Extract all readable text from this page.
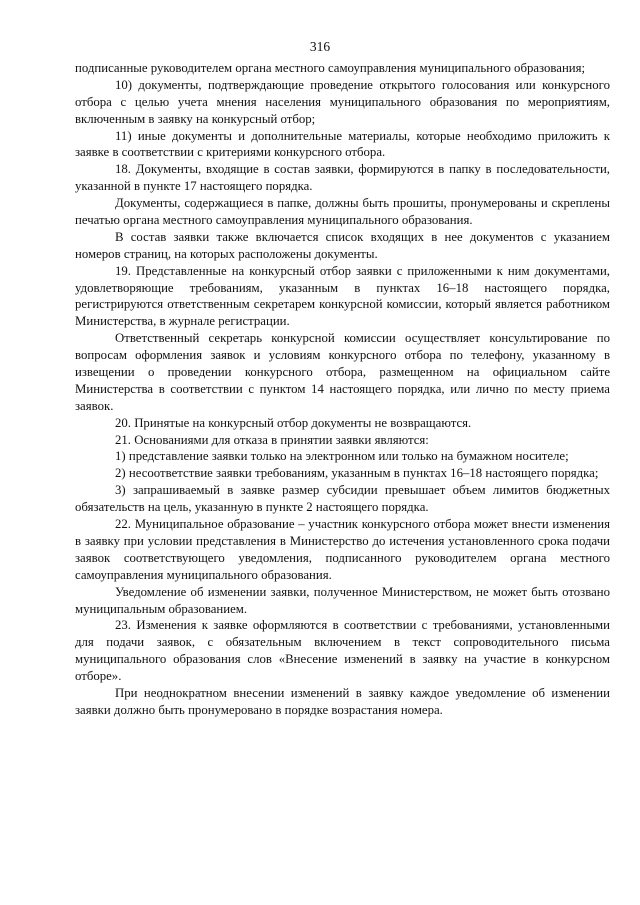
316

подписанные руководителем органа местного самоуправления муниципального образования;

10) документы, подтверждающие проведение открытого голосования или конкурсного отбора с целью учета мнения населения муниципального образования по мероприятиям, включенным в заявку на конкурсный отбор;

11) иные документы и дополнительные материалы, которые необходимо приложить к заявке в соответствии с критериями конкурсного отбора.

18. Документы, входящие в состав заявки, формируются в папку в последовательности, указанной в пункте 17 настоящего порядка.

Документы, содержащиеся в папке, должны быть прошиты, пронумерованы и скреплены печатью органа местного самоуправления муниципального образования.

В состав заявки также включается список входящих в нее документов с указанием номеров страниц, на которых расположены документы.

19. Представленные на конкурсный отбор заявки с приложенными к ним документами, удовлетворяющие требованиям, указанным в пунктах 16–18 настоящего порядка, регистрируются ответственным секретарем конкурсной комиссии, который является работником Министерства, в журнале регистрации.

Ответственный секретарь конкурсной комиссии осуществляет консультирование по вопросам оформления заявок и условиям конкурсного отбора по телефону, указанному в извещении о проведении конкурсного отбора, размещенном на официальном сайте Министерства в соответствии с пунктом 14 настоящего порядка, или лично по месту приема заявок.

20. Принятые на конкурсный отбор документы не возвращаются.

21. Основаниями для отказа в принятии заявки являются:

1) представление заявки только на электронном или только на бумажном носителе;

2) несоответствие заявки требованиям, указанным в пунктах 16–18 настоящего порядка;

3) запрашиваемый в заявке размер субсидии превышает объем лимитов бюджетных обязательств на цель, указанную в пункте 2 настоящего порядка.

22. Муниципальное образование – участник конкурсного отбора может внести изменения в заявку при условии представления в Министерство до истечения установленного срока подачи заявок соответствующего уведомления, подписанного руководителем органа местного самоуправления муниципального образования.

Уведомление об изменении заявки, полученное Министерством, не может быть отозвано муниципальным образованием.

23. Изменения к заявке оформляются в соответствии с требованиями, установленными для подачи заявок, с обязательным включением в текст сопроводительного письма муниципального образования слов «Внесение изменений в заявку на участие в конкурсном отборе».

При неоднократном внесении изменений в заявку каждое уведомление об изменении заявки должно быть пронумеровано в порядке возрастания номера.
